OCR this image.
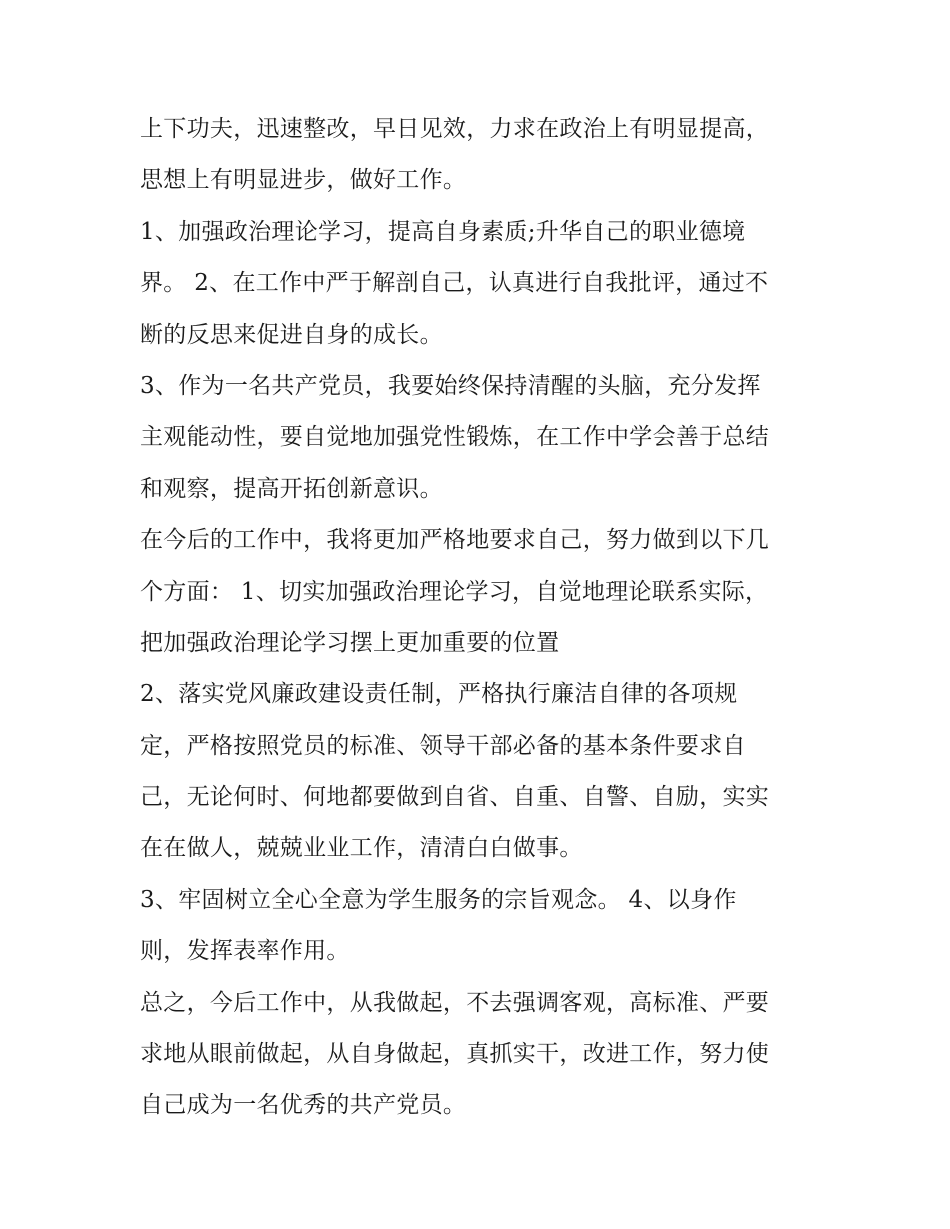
上下功夫，迅速整改，早日见效，力求在政治上有明显提高，
思想上有明显进步，做好工作。
1、加强政治理论学习，提高自身素质;升华自己的职业德境
界。 2、在工作中严于解剖自己，认真进行自我批评，通过不
断的反思来促进自身的成长。
3、作为一名共产党员，我要始终保持清醒的头脑，充分发挥
主观能动性，要自觉地加强党性锻炼，在工作中学会善于总结
和观察，提高开拓创新意识。
在今后的工作中，我将更加严格地要求自己，努力做到以下几
个方面： 1、切实加强政治理论学习，自觉地理论联系实际，
把加强政治理论学习摆上更加重要的位置
2、落实党风廉政建设责任制，严格执行廉洁自律的各项规
定，严格按照党员的标准、领导干部必备的基本条件要求自
己，无论何时、何地都要做到自省、自重、自警、自励，实实
在在做人，兢兢业业工作，清清白白做事。
3、牢固树立全心全意为学生服务的宗旨观念。 4、以身作
则，发挥表率作用。
总之，今后工作中，从我做起，不去强调客观，高标准、严要
求地从眼前做起，从自身做起，真抓实干，改进工作，努力使
自己成为一名优秀的共产党员。
